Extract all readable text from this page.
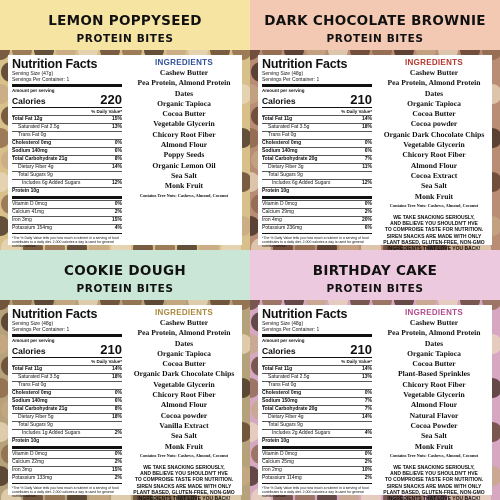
LEMON POPPYSEED
PROTEIN BITES
Nutrition Facts
Serving Size (47g)
Servings Per Container: 1
Amount per serving
Calories	220
% Daily Value*
Total Fat 12g	15%
Saturated Fat 2.5g	13%
Trans Fat 0g
Cholesterol 0mg	0%
Sodium 140mg	6%
Total Carbohydrate 21g	8%
Dietary Fiber 4g	14%
Total Sugars 9g
Includes 6g Added Sugars	12%
Protein 10g
Vitamin D 0mcg	0%
Calcium 41mg	2%
Iron 3mg	15%
Potassium 154mg	4%
*The % Daily Value tells you how much a nutrient in a serving of food contributes to a daily diet. 2,000 calories a day is used for general nutrition advice.
INGREDIENTS
Cashew Butter
Pea Protein, Almond Protein
Dates
Organic Tapioca
Cocoa Butter
Vegetable Glycerin
Chicory Root Fiber
Almond Flour
Poppy Seeds
Organic Lemon Oil
Sea Salt
Monk Fruit
Contains Tree Nuts: Cashews, Almond, Coconut
DARK CHOCOLATE BROWNIE
PROTEIN BITES
Nutrition Facts
Serving Size (48g)
Servings Per Container: 1
Amount per serving
Calories	210
% Daily Value*
Total Fat 11g	14%
Saturated Fat 3.5g	18%
Trans Fat 0g
Cholesterol 0mg	0%
Sodium 140mg	6%
Total Carbohydrate 20g	7%
Dietary Fiber 3g	11%
Total Sugars 9g
Includes 6g Added Sugars	12%
Protein 10g
Vitamin D 0mcg	0%
Calcium 29mg	2%
Iron 4mg	20%
Potassium 236mg	6%
*The % Daily Value tells you how much a nutrient in a serving of food contributes to a daily diet. 2,000 calories a day is used for general nutrition advice.
INGREDIENTS
Cashew Butter
Pea Protein, Almond Protein
Dates
Organic Tapioca
Cocoa Butter
Cocoa powder
Organic Dark Chocolate Chips
Vegetable Glycerin
Chicory Root Fiber
Almond Flour
Cocoa Extract
Sea Salt
Monk Fruit
Contains Tree Nuts: Cashews, Almond, Coconut
WE TAKE SNACKING SERIOUSLY,
AND BELIEVE YOU SHOULDN'T HVE
TO COMPROISE TASTE FOR NUTRITION.
SIREN SNACKS ARE MADE WITH ONLY
PLANT BASED, GLUTEN-FREE, NON-GMO
INGREDIENTS THAT LOVE YOU BACK!
COOKIE DOUGH
PROTEIN BITES
Nutrition Facts
Serving Size (48g)
Servings Per Container: 1
Amount per serving
Calories	210
% Daily Value*
Total Fat 11g	14%
Saturated Fat 3.5g	18%
Trans Fat 0g
Cholesterol 0mg	0%
Sodium 140mg	6%
Total Carbohydrate 21g	8%
Dietary Fiber 5g	18%
Total Sugars 9g
Includes 1g Added Sugars	2%
Protein 10g
Vitamin D 0mcg	0%
Calcium 22mg	2%
Iron 3mg	15%
Potassium 133mg	2%
*The % Daily Value tells you how much a nutrient in a serving of food contributes to a daily diet. 2,000 calories a day is used for general nutrition advice.
INGREDIENTS
Cashew Butter
Pea Protein, Almond Protein
Dates
Organic Tapioca
Cocoa Butter
Organic Dark Chocolate Chips
Vegetable Glycerin
Chicory Root Fiber
Almond Flour
Cocoa powder
Vanilla Extract
Sea Salt
Monk Fruit
Contains Tree Nuts: Cashews, Almond, Coconut
WE TAKE SNACKING SERIOUSLY,
AND BELIEVE YOU SHOULDN'T HVE
TO COMPROISE TASTE FOR NUTRITION.
SIREN SNACKS ARE MADE WITH ONLY
PLANT BASED, GLUTEN-FREE, NON-GMO
INGREDIENTS THAT LOVE YOU BACK!
BIRTHDAY CAKE
PROTEIN BITES
Nutrition Facts
Serving Size (48g)
Servings Per Container: 1
Amount per serving
Calories	210
% Daily Value*
Total Fat 11g	14%
Saturated Fat 2.5g	13%
Trans Fat 0g
Cholesterol 0mg	0%
Sodium 150mg	7%
Total Carbohydrate 20g	7%
Dietary Fiber 4g	14%
Total Sugars 9g
Includes 2g Added Sugars	4%
Protein 10g
Vitamin D 0mcg	0%
Calcium 25mg	2%
Iron 2mg	10%
Potassium 114mg	2%
*The % Daily Value tells you how much a nutrient in a serving of food contributes to a daily diet. 2,000 calories a day is used for general nutrition advice.
INGREDIENTS
Cashew Butter
Pea Protein, Almond Protein
Dates
Organic Tapioca
Cocoa Butter
Plant-Based Sprinkles
Chicory Root Fiber
Vegetable Glycerin
Almond Flour
Natural Flavor
Cocoa Powder
Sea Salt
Monk Fruit
Contains Tree Nuts: Cashews, Almond, Coconut
WE TAKE SNACKING SERIOUSLY,
AND BELIEVE YOU SHOULDN'T HVE
TO COMPROISE TASTE FOR NUTRITION.
SIREN SNACKS ARE MADE WITH ONLY
PLANT BASED, GLUTEN-FREE, NON-GMO
INGREDIENTS THAT LOVE YOU BACK!
